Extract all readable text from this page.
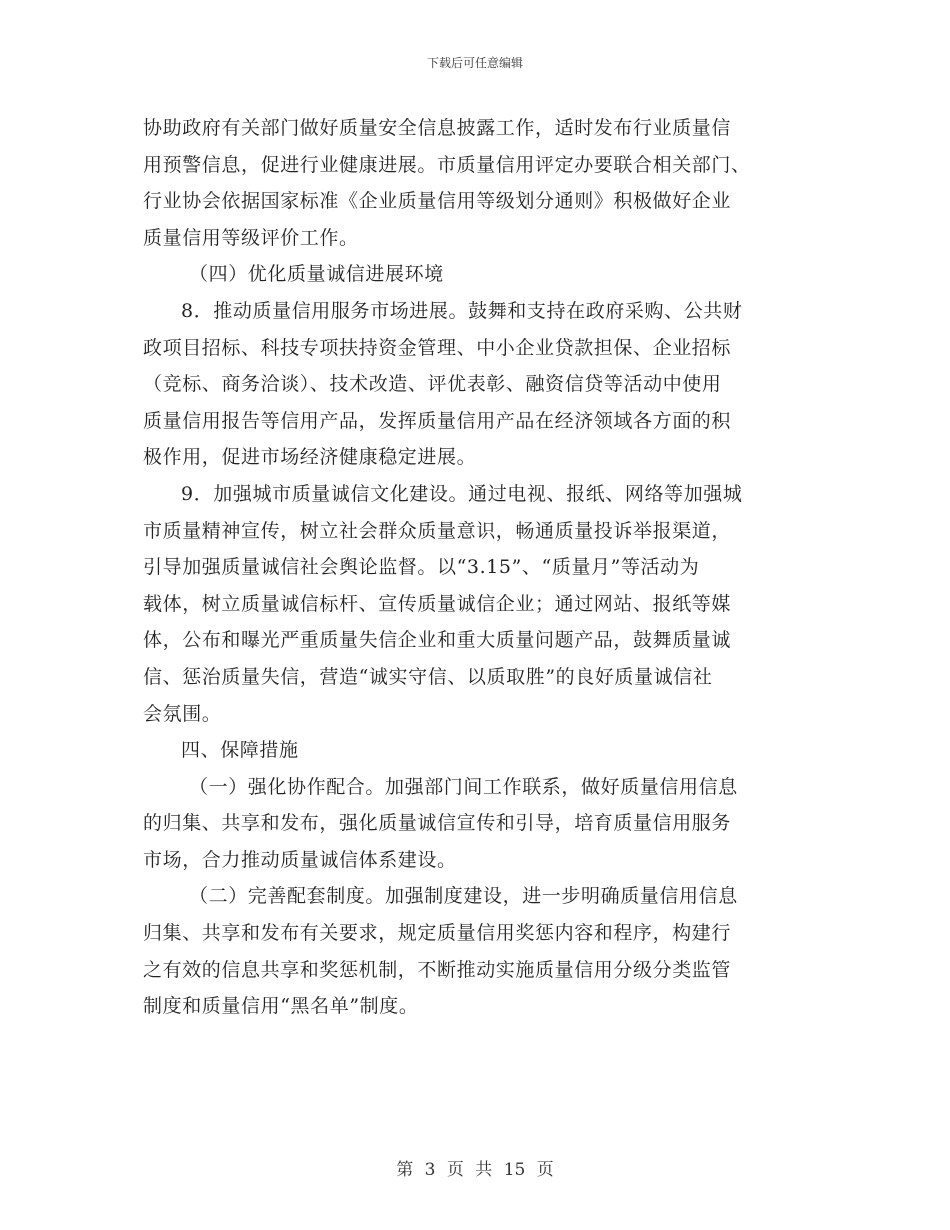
下载后可任意编辑
协助政府有关部门做好质量安全信息披露工作，适时发布行业质量信
用预警信息，促进行业健康进展。市质量信用评定办要联合相关部门、
行业协会依据国家标准《企业质量信用等级划分通则》积极做好企业
质量信用等级评价工作。
（四）优化质量诚信进展环境
8．推动质量信用服务市场进展。鼓舞和支持在政府采购、公共财
政项目招标、科技专项扶持资金管理、中小企业贷款担保、企业招标
（竞标、商务洽谈）、技术改造、评优表彰、融资信贷等活动中使用
质量信用报告等信用产品，发挥质量信用产品在经济领域各方面的积
极作用，促进市场经济健康稳定进展。
9．加强城市质量诚信文化建设。通过电视、报纸、网络等加强城
市质量精神宣传，树立社会群众质量意识，畅通质量投诉举报渠道，
引导加强质量诚信社会舆论监督。以“3.15”、“质量月”等活动为
载体，树立质量诚信标杆、宣传质量诚信企业；通过网站、报纸等媒
体，公布和曝光严重质量失信企业和重大质量问题产品，鼓舞质量诚
信、惩治质量失信，营造“诚实守信、以质取胜”的良好质量诚信社
会氛围。
四、保障措施
（一）强化协作配合。加强部门间工作联系，做好质量信用信息
的归集、共享和发布，强化质量诚信宣传和引导，培育质量信用服务
市场，合力推动质量诚信体系建设。
（二）完善配套制度。加强制度建设，进一步明确质量信用信息
归集、共享和发布有关要求，规定质量信用奖惩内容和程序，构建行
之有效的信息共享和奖惩机制，不断推动实施质量信用分级分类监管
制度和质量信用“黑名单”制度。
第 3 页 共 15 页
